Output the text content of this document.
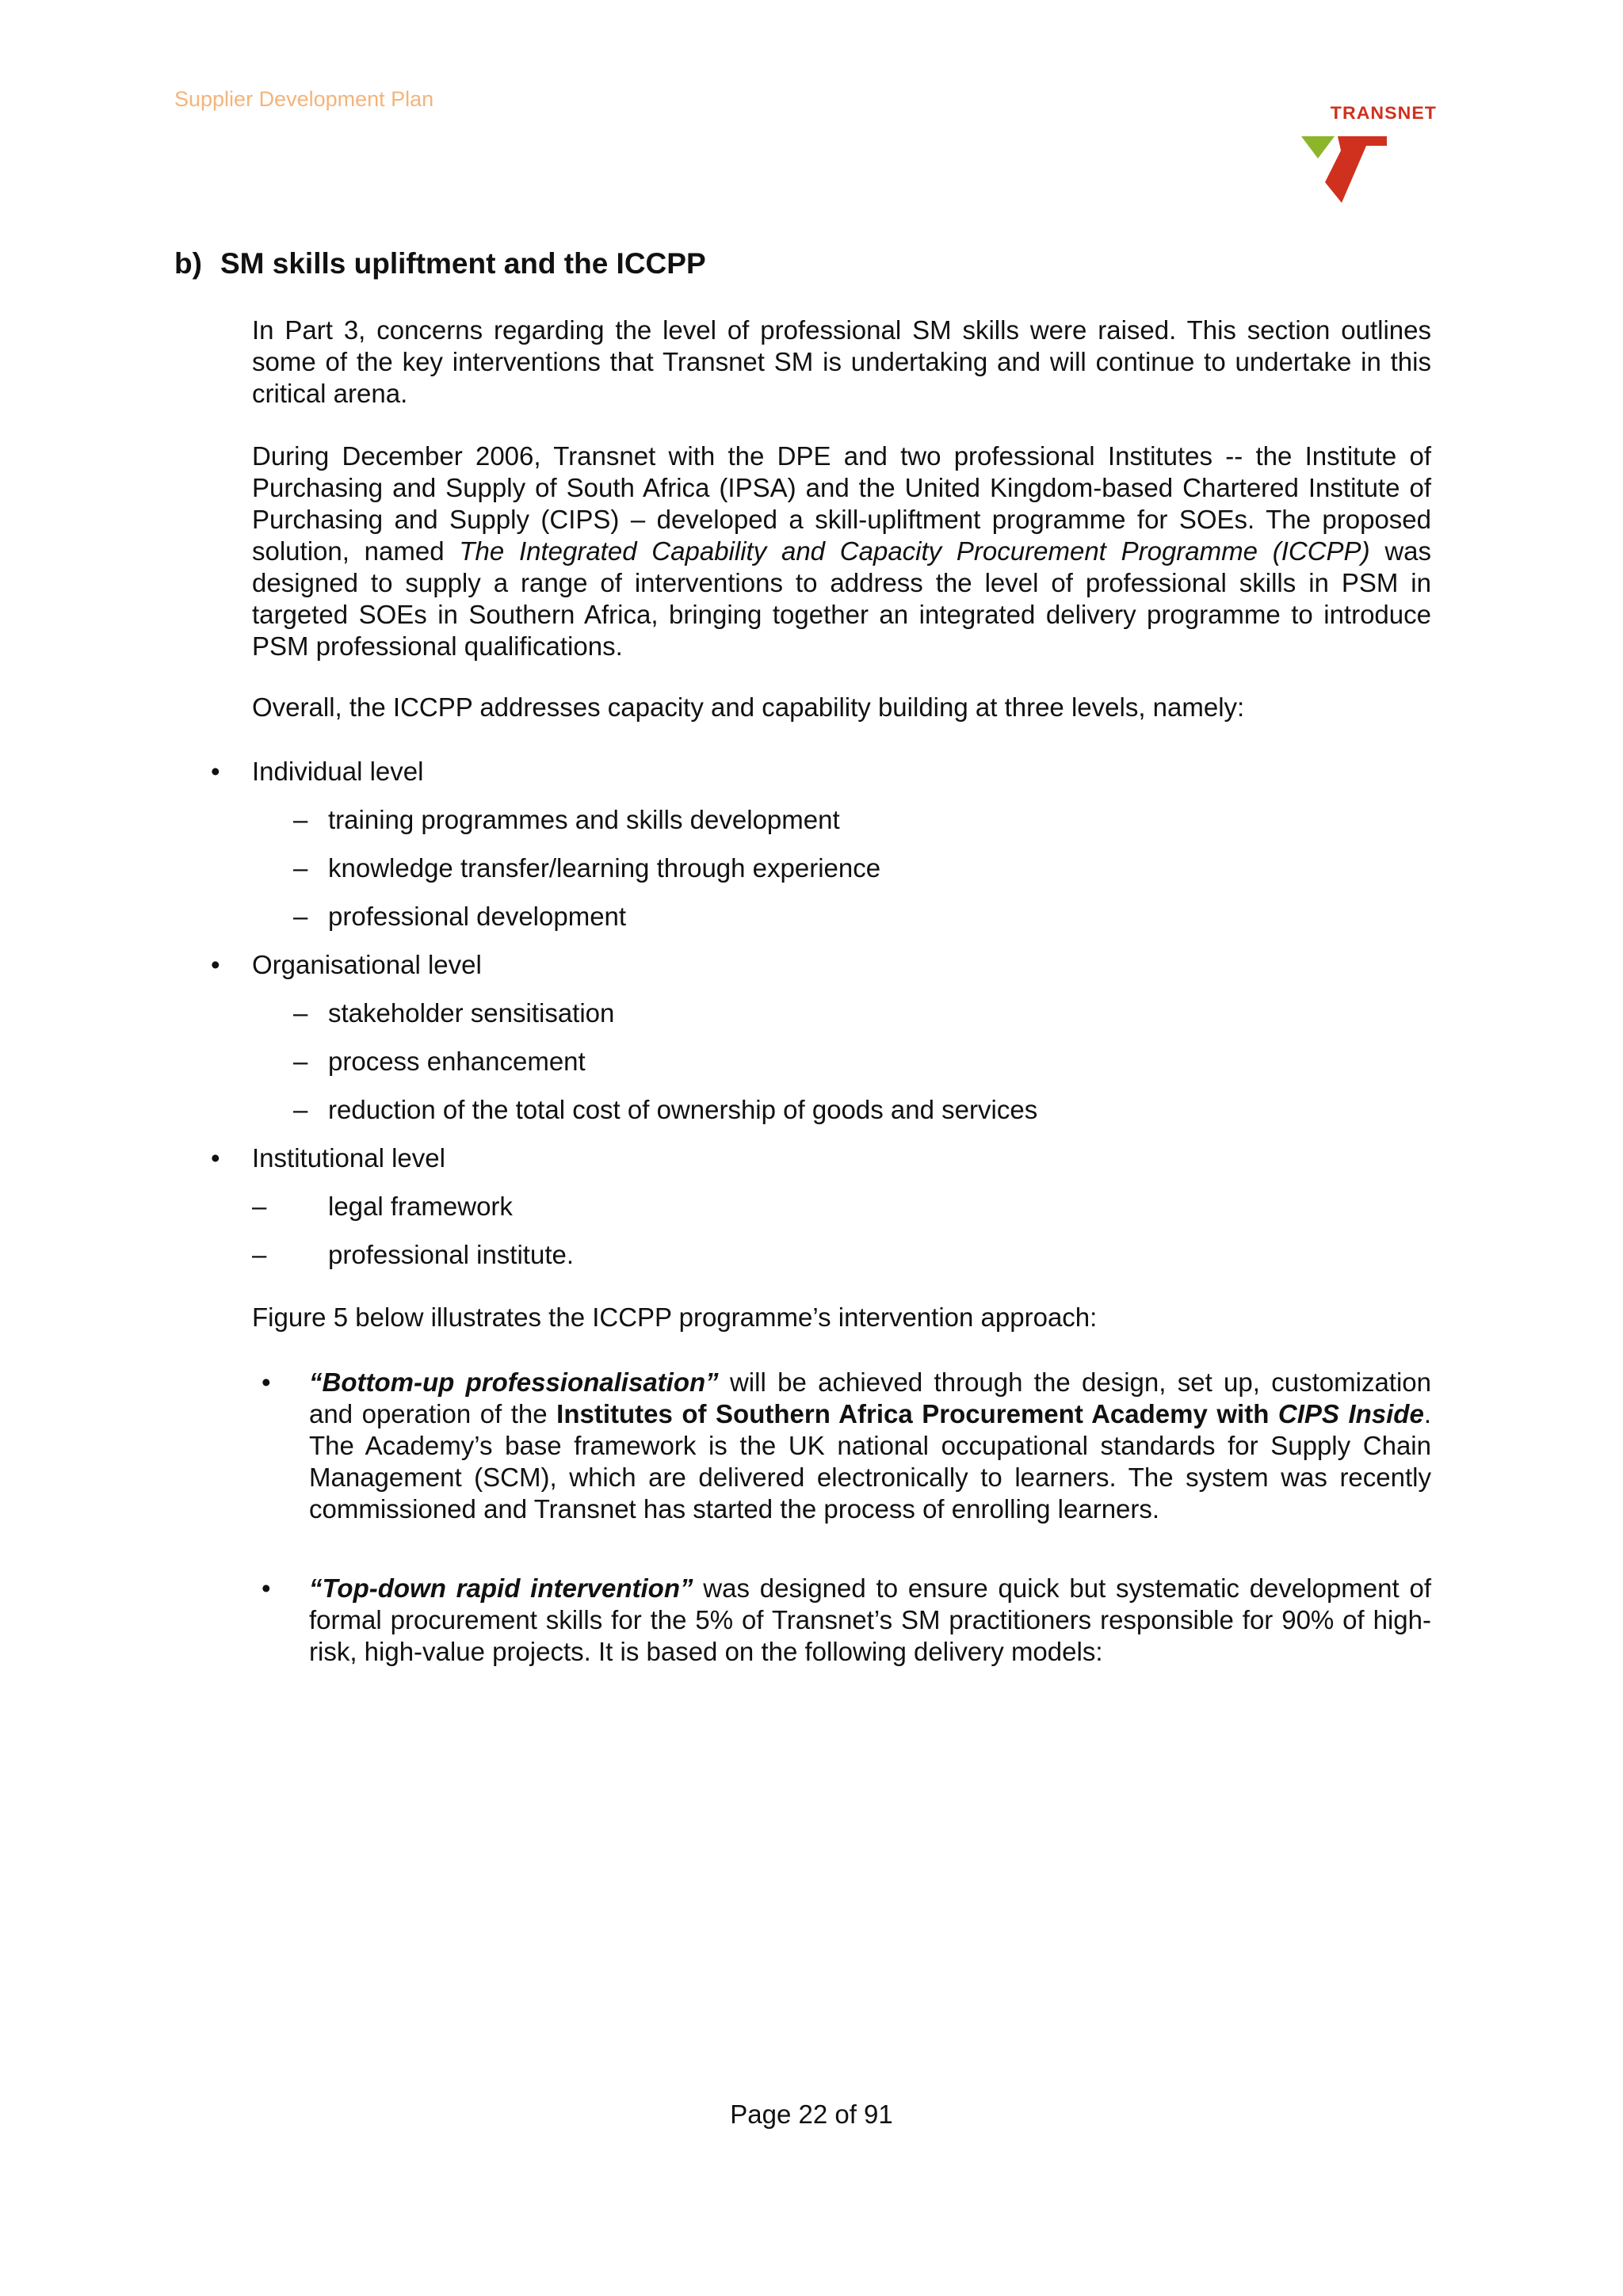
Supplier Development Plan
TRANSNET
b) SM skills upliftment and the ICCPP

In Part 3, concerns regarding the level of professional SM skills were raised. This section outlines some of the key interventions that Transnet SM is undertaking and will continue to undertake in this critical arena.

During December 2006, Transnet with the DPE and two professional Institutes -- the Institute of Purchasing and Supply of South Africa (IPSA) and the United Kingdom-based Chartered Institute of Purchasing and Supply (CIPS) – developed a skill-upliftment programme for SOEs. The proposed solution, named The Integrated Capability and Capacity Procurement Programme (ICCPP) was designed to supply a range of interventions to address the level of professional skills in PSM in targeted SOEs in Southern Africa, bringing together an integrated delivery programme to introduce PSM professional qualifications.

Overall, the ICCPP addresses capacity and capability building at three levels, namely:

• Individual level
– training programmes and skills development
– knowledge transfer/learning through experience
– professional development
• Organisational level
– stakeholder sensitisation
– process enhancement
– reduction of the total cost of ownership of goods and services
• Institutional level
– legal framework
– professional institute.

Figure 5 below illustrates the ICCPP programme’s intervention approach:

• “Bottom-up professionalisation” will be achieved through the design, set up, customization and operation of the Institutes of Southern Africa Procurement Academy with CIPS Inside. The Academy’s base framework is the UK national occupational standards for Supply Chain Management (SCM), which are delivered electronically to learners. The system was recently commissioned and Transnet has started the process of enrolling learners.

• “Top-down rapid intervention” was designed to ensure quick but systematic development of formal procurement skills for the 5% of Transnet’s SM practitioners responsible for 90% of high-risk, high-value projects. It is based on the following delivery models:

Page 22 of 91
